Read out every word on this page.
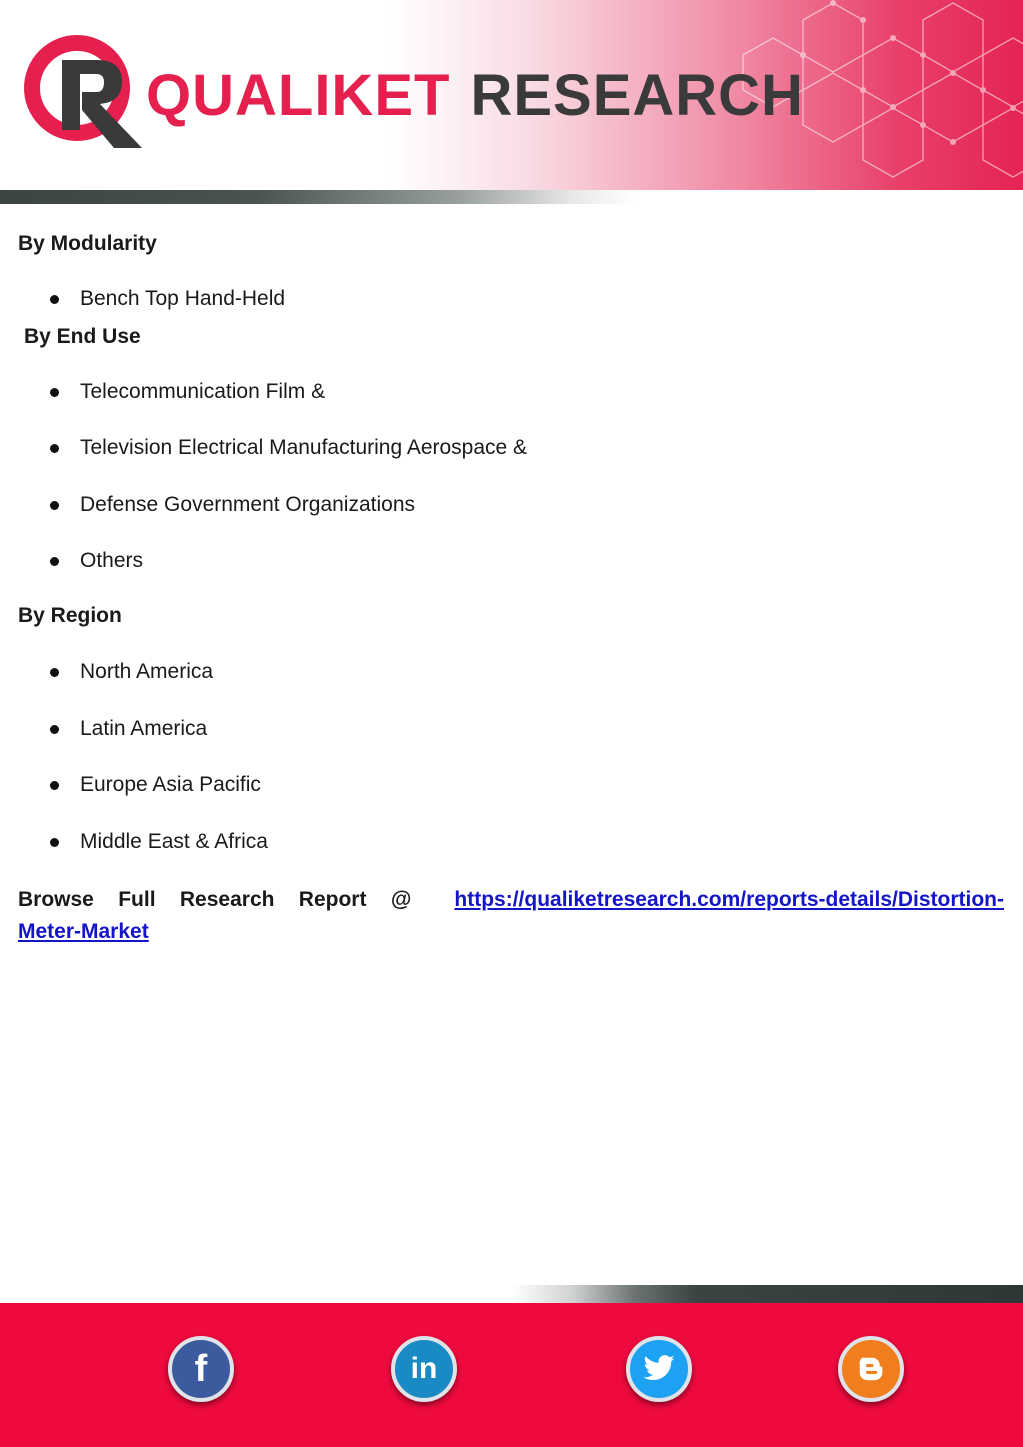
QUALIKET RESEARCH
By Modularity
Bench Top Hand-Held
By End Use
Telecommunication Film &
Television Electrical Manufacturing Aerospace &
Defense Government Organizations
Others
By Region
North America
Latin America
Europe Asia Pacific
Middle East & Africa
Browse Full Research Report @ https://qualiketresearch.com/reports-details/Distortion-Meter-Market
f	in
